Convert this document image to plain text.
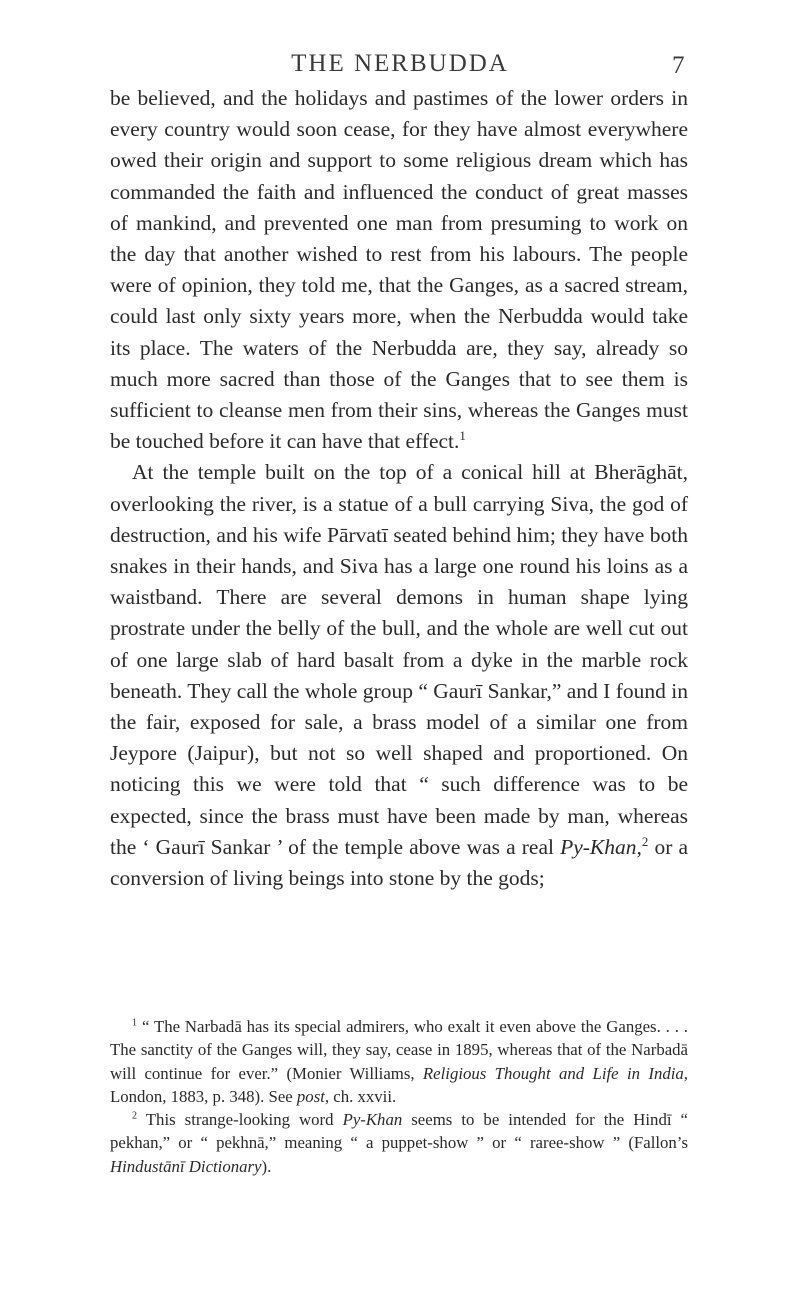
THE NERBUDDA	7

be believed, and the holidays and pastimes of the lower orders in every country would soon cease, for they have almost everywhere owed their origin and support to some religious dream which has commanded the faith and influenced the conduct of great masses of mankind, and prevented one man from presuming to work on the day that another wished to rest from his labours. The people were of opinion, they told me, that the Ganges, as a sacred stream, could last only sixty years more, when the Nerbudda would take its place. The waters of the Nerbudda are, they say, already so much more sacred than those of the Ganges that to see them is sufficient to cleanse men from their sins, whereas the Ganges must be touched before it can have that effect.$^1$

At the temple built on the top of a conical hill at Bherāghāt, overlooking the river, is a statue of a bull carrying Siva, the god of destruction, and his wife Pārvatī seated behind him; they have both snakes in their hands, and Siva has a large one round his loins as a waistband. There are several demons in human shape lying prostrate under the belly of the bull, and the whole are well cut out of one large slab of hard basalt from a dyke in the marble rock beneath. They call the whole group “ Gaurī Sankar,” and I found in the fair, exposed for sale, a brass model of a similar one from Jeypore (Jaipur), but not so well shaped and proportioned. On noticing this we were told that “ such difference was to be expected, since the brass must have been made by man, whereas the ‘ Gaurī Sankar ’ of the temple above was a real Py-Khan,$^2$ or a conversion of living beings into stone by the gods;

$^1$ “ The Narbadā has its special admirers, who exalt it even above the Ganges. . . . The sanctity of the Ganges will, they say, cease in 1895, whereas that of the Narbadā will continue for ever.” (Monier Williams, Religious Thought and Life in India, London, 1883, p. 348). See post, ch. xxvii.

$^2$ This strange-looking word Py-Khan seems to be intended for the Hindī “ pekhan,” or “ pekhnā,” meaning “ a puppet-show ” or “ raree-show ” (Fallon’s Hindustānī Dictionary).
